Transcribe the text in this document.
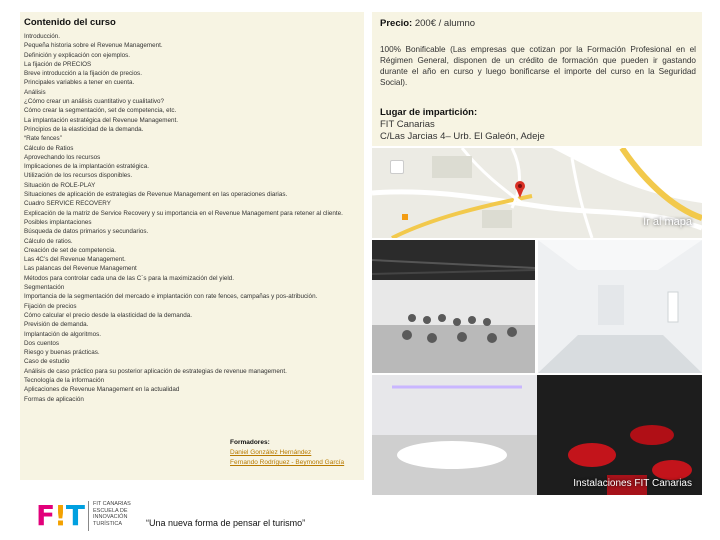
Contenido del curso
Introducción.
Pequeña historia sobre el Revenue Management.
Definición y explicación con ejemplos.
La fijación de PRECIOS
Breve introducción a la fijación de precios.
Principales variables a tener en cuenta.
Análisis
¿Cómo crear un análisis cuantitativo y cualitativo?
Cómo crear la segmentación, set de competencia, etc.
La implantación estratégica del Revenue Management.
Principios de la elasticidad de la demanda.
“Rate fences”
Cálculo de Ratios
Aprovechando los recursos
Implicaciones de la implantación estratégica.
Utilización de los recursos disponibles.
Situación de ROLE-PLAY
Situaciones de aplicación de estrategias de Revenue Management en las operaciones diarias.
Cuadro SERVICE RECOVERY
Explicación de la matriz de Service Recovery y su importancia en el Revenue Management para retener al cliente.
Posibles implantaciones
Búsqueda de datos primarios y secundarios.
Cálculo de ratios.
Creación de set de competencia.
Las 4C’s del Revenue Management.
Las palancas del Revenue Management
Métodos para controlar cada una de las C´s para la maximización del yield.
Segmentación
Importancia de la segmentación del mercado e implantación con rate fences, campañas y pos-atribución.
Fijación de precios
Cómo calcular el precio desde la elasticidad de la demanda.
Previsión de demanda.
Implantación de algoritmos.
Dos cuentos
Riesgo y buenas prácticas.
Caso de estudio
Análisis de caso práctico para su posterior aplicación de estrategias de revenue management.
Tecnología de la información
Aplicaciones de Revenue Management en la actualidad
Formas de aplicación
Formadores:
Daniel González Hernández
Fernando Rodríguez - Beymond García
F!T FIT CANARIAS ESCUELA DE INNOVACIÓN TURÍSTICA	“Una nueva forma de pensar el turismo”
Precio: 200€ / alumno
100% Bonificable (Las empresas que cotizan por la Formación Profesional en el Régimen General, disponen de un crédito de formación que pueden ir gastando durante el año en curso y luego bonificarse el importe del curso en la Seguridad Social).
Lugar de impartición:
FIT Canarias
C/Las Jarcias 4– Urb. El Galeón, Adeje
Ir al mapa
Instalaciones FIT Canarias
